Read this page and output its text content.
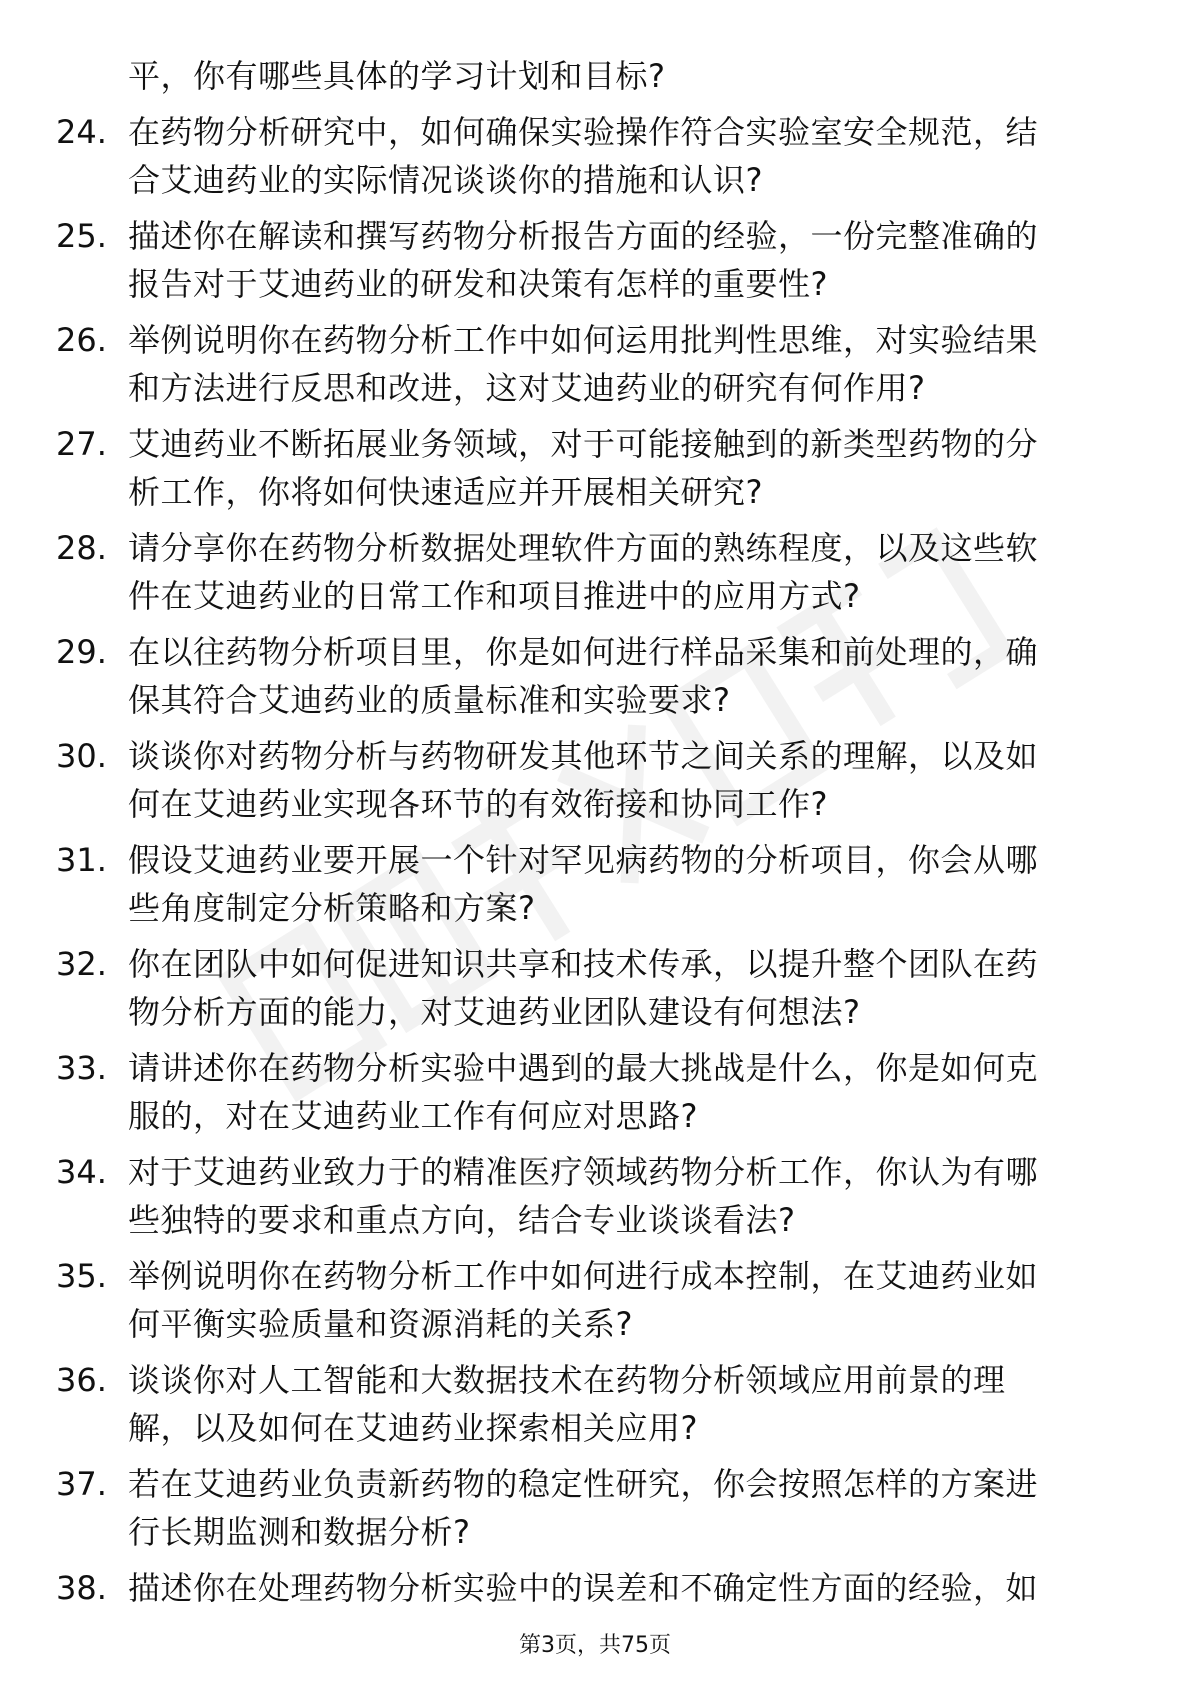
平，你有哪些具体的学习计划和目标?
24. 在药物分析研究中，如何确保实验操作符合实验室安全规范，结
合艾迪药业的实际情况谈谈你的措施和认识?
25. 描述你在解读和撰写药物分析报告方面的经验，一份完整准确的
报告对于艾迪药业的研发和决策有怎样的重要性?
26. 举例说明你在药物分析工作中如何运用批判性思维，对实验结果
和方法进行反思和改进，这对艾迪药业的研究有何作用?
27. 艾迪药业不断拓展业务领域，对于可能接触到的新类型药物的分
析工作，你将如何快速适应并开展相关研究?
28. 请分享你在药物分析数据处理软件方面的熟练程度，以及这些软
件在艾迪药业的日常工作和项目推进中的应用方式?
29. 在以往药物分析项目里，你是如何进行样品采集和前处理的，确
保其符合艾迪药业的质量标准和实验要求?
30. 谈谈你对药物分析与药物研发其他环节之间关系的理解，以及如
何在艾迪药业实现各环节的有效衔接和协同工作?
31. 假设艾迪药业要开展一个针对罕见病药物的分析项目，你会从哪
些角度制定分析策略和方案?
32. 你在团队中如何促进知识共享和技术传承，以提升整个团队在药
物分析方面的能力，对艾迪药业团队建设有何想法?
33. 请讲述你在药物分析实验中遇到的最大挑战是什么，你是如何克
服的，对在艾迪药业工作有何应对思路?
34. 对于艾迪药业致力于的精准医疗领域药物分析工作，你认为有哪
些独特的要求和重点方向，结合专业谈谈看法?
35. 举例说明你在药物分析工作中如何进行成本控制，在艾迪药业如
何平衡实验质量和资源消耗的关系?
36. 谈谈你对人工智能和大数据技术在药物分析领域应用前景的理
解，以及如何在艾迪药业探索相关应用?
37. 若在艾迪药业负责新药物的稳定性研究，你会按照怎样的方案进
行长期监测和数据分析?
38. 描述你在处理药物分析实验中的误差和不确定性方面的经验，如
第3页，共75页
